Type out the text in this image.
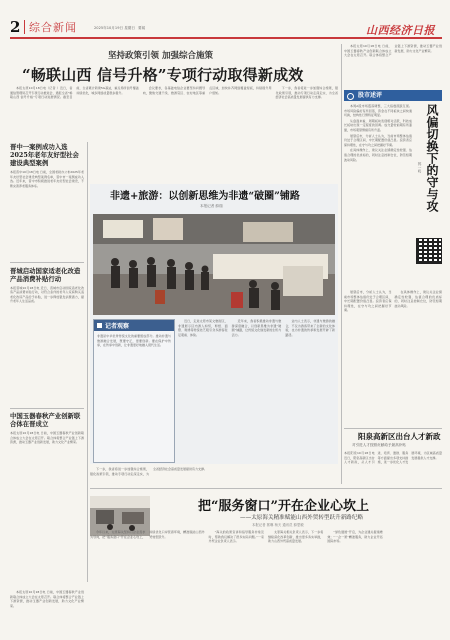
2 综合新闻	2025年10月19日 星期日 要闻	山西经济日报
坚持政策引领 加强综合施策
“畅联山西 信号升格”专项行动取得新成效

本报太原10月18日电（记者 ）近日，省通信管理局召开专项行动推进会，通报全省“畅联山西 信号升格”专项行动进展情况。截至目前，全省累计新建5G基站，重点场所信号覆盖持续优化，城乡网络质量稳步提升。

会议要求，各基础电信企业要坚持问题导向，聚焦交通干线、旅游景区、农村地区等重点区域，加快补齐网络覆盖短板，持续提升用户感知。

下一步，我省将进一步加强综合施策，强化政策引领，推动专项行动走深走实，为全省经济社会高质量发展提供有力支撑。

晋中一案例成功入选2025年老年友好型社会建设典型案例
本报晋中10月18日电 日前，全国老龄办公布2025年老年友好型社会建设典型案例名单，晋中市一案例成功入选。近年来，晋中市积极推进老年友好型社会建设，不断完善养老服务体系。
晋城启动国家适老化改造产品消费补贴行动
本报晋城10月18日电 近日，晋城市启动国家适老化改造产品消费补贴行动，对符合条件的老年人家庭购买适老化改造产品给予补贴，进一步释放银发消费潜力，提升老年人生活品质。
中国玉器春秋产业创新联合体在晋成立
本报太原10月18日电 日前，中国玉器春秋产业创新联合体成立大会在太原召开。联合体将整合产业链上下游资源，推动玉器产业创新发展，助力文化产业繁荣。
非遗+旅游：以创新思维为非遗“破圈”铺路
本报记者 薛瑞

近日，走进太原市某文旅街区，非遗展示区内游人如织，剪纸、面塑、刺绣等传统技艺吸引众多游客驻足观看、体验。

近年来，我省积极推动非遗与旅游深度融合，以创新思维为非遗“破圈”铺路，让传统文化焕发新的生机与活力。

业内人士表示，非遗与旅游的融合，不仅为游客带来了全新的文化体验，也为非遗的传承和发展开辟了新路径。

记者观察
非遗是中华优秀传统文化的重要组成部分。推动非遗与旅游融合发展，既要守正，更要创新。要在保护中传承，在传承中创新，让非遗更好地融入现代生活。

下一步，我省将进一步加强综合施策，强化政策引领，推动专项行动走深走实，为全省经济社会高质量发展提供有力支撑。

本报太原10月18日电 日前，中国玉器春秋产业创新联合体成立大会在太原召开。联合体将整合产业链上下游资源，推动玉器产业创新发展，助力文化产业繁荣。

股市述评

本周A股市场震荡调整，三大指数涨跌互现。市场风险偏好有所回落，资金在不同板块之间快速切换，结构性行情特征明显。

从盘面来看，周期板块表现相对活跃，科技成长板块出现一定程度的回调。成交量较前期有所萎缩，市场观望情绪有所升温。

展望后市，分析人士认为，当前市场整体估值仍处于合理区间，中长期配置价值凸显。投资者应保持理性，在守与攻之间把握好节奏。

在具体操作上，建议关注业绩确定性较强、估值合理的优质标的，同时注意控制仓位，防范短期波动风险。	风偏切换下的守与攻
郭一鸣

展望后市，分析人士认为，当前市场整体估值仍处于合理区间，中长期配置价值凸显。投资者应保持理性，在守与攻之间把握好节奏。

在具体操作上，建议关注业绩确定性较强、估值合理的优质标的，同时注意控制仓位，防范短期波动风险。

阳泉高新区出台人才新政
对引进人才按照贡献给予最高补贴
本报阳泉10月18日电 近日，阳泉高新区出台人才新政，从人才引进、培育、激励、服务等方面提出多项支持措施，进一步优化人才发展环境，为区域高质量发展提供人才支撑。
把“服务窗口”开在企业心坎上
——太原海关精准赋能山西外贸转型跃升新路纪略
本报记者 郭琳 杨天 通讯员 薛思敏

今年以来，太原海关坚持以企业需求为导向，把“服务窗口”开在企业心坎上，持续优化口岸营商环境，精准赋能山西外贸转型跃升。

“海关的政策宣讲和指导服务非常及时，帮助我们解决了很多实际问题。”一家外贸企业负责人表示。

太原海关相关负责人表示，下一步将继续深化改革创新，推出更多务实举措，助力山西外贸高质量发展。

“绿色通道”开启，为企业通关提速增效；“一企一策”精准服务，助力企业开拓国际市场。

本报太原10月18日电 日前，中国玉器春秋产业创新联合体成立大会在太原召开。联合体将整合产业链上下游资源，推动玉器产业创新发展，助力文化产业繁荣。
